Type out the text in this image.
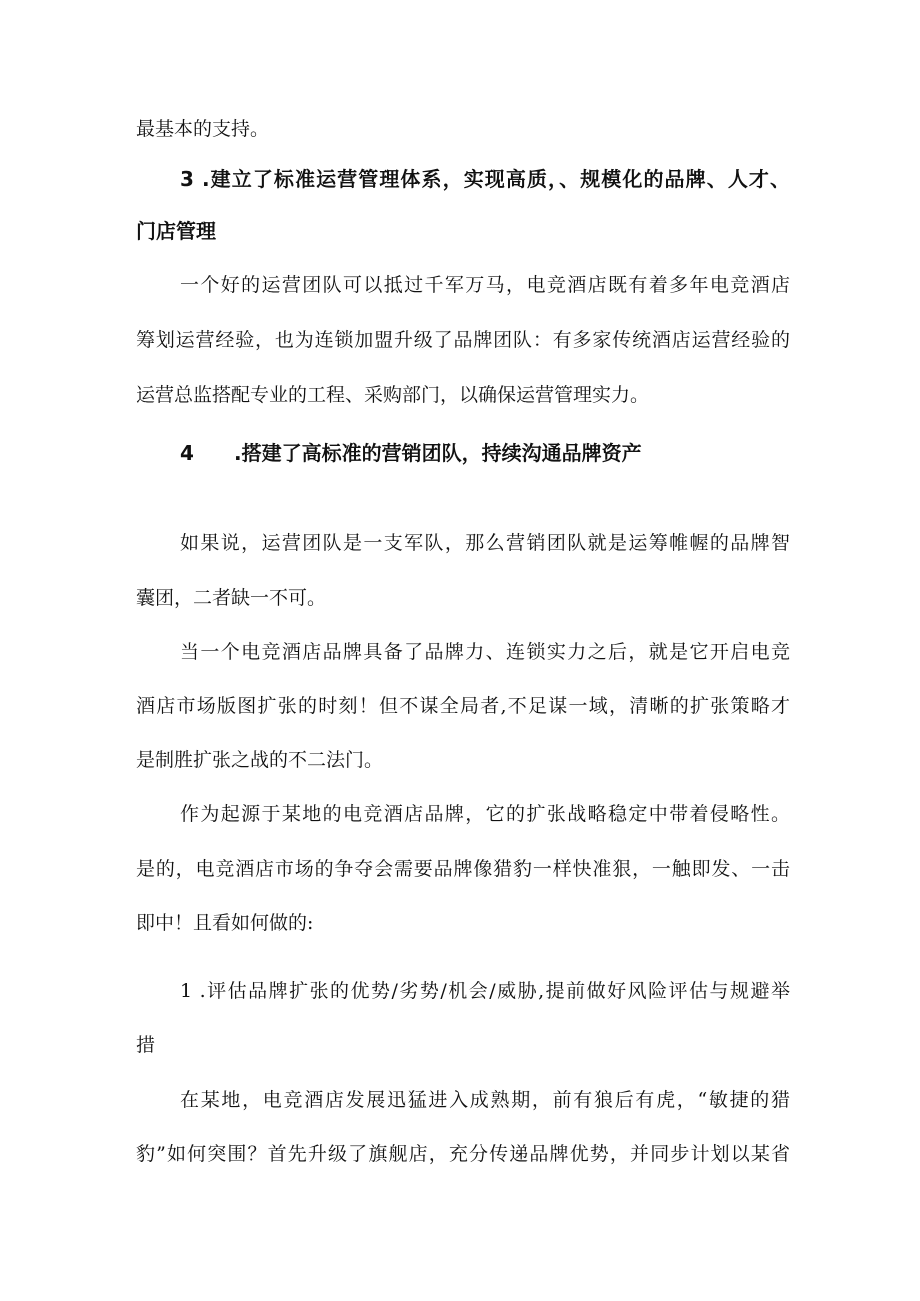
最基本的支持。
3 .建立了标准运营管理体系，实现高质，、规模化的品牌、人才、
门店管理
一个好的运营团队可以抵过千军万马，电竞酒店既有着多年电竞酒店
筹划运营经验，也为连锁加盟升级了品牌团队：有多家传统酒店运营经验的
运营总监搭配专业的工程、采购部门，以确保运营管理实力。
4 .搭建了高标准的营销团队，持续沟通品牌资产
如果说，运营团队是一支军队，那么营销团队就是运筹帷幄的品牌智
囊团，二者缺一不可。
当一个电竞酒店品牌具备了品牌力、连锁实力之后，就是它开启电竞
酒店市场版图扩张的时刻！但不谋全局者,不足谋一域，清晰的扩张策略才
是制胜扩张之战的不二法门。
作为起源于某地的电竞酒店品牌，它的扩张战略稳定中带着侵略性。
是的，电竞酒店市场的争夺会需要品牌像猎豹一样快准狠，一触即发、一击
即中！且看如何做的:
1 .评估品牌扩张的优势/劣势/机会/威胁,提前做好风险评估与规避举
措
在某地，电竞酒店发展迅猛进入成熟期，前有狼后有虎，“敏捷的猎
豹”如何突围？首先升级了旗舰店，充分传递品牌优势，并同步计划以某省
